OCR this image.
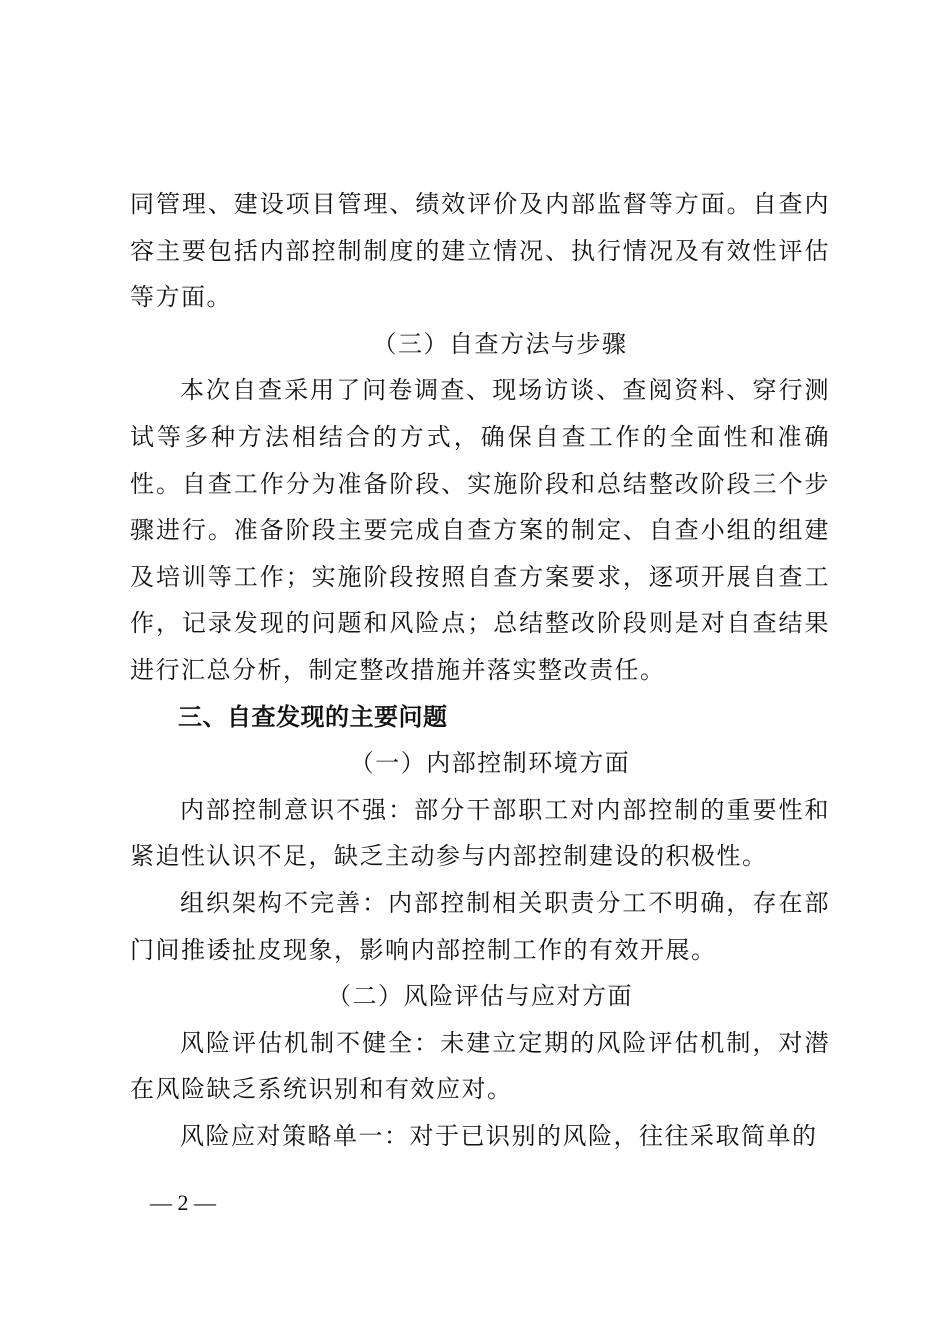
同管理、建设项目管理、绩效评价及内部监督等方面。自查内容主要包括内部控制制度的建立情况、执行情况及有效性评估等方面。

（三）自查方法与步骤

本次自查采用了问卷调查、现场访谈、查阅资料、穿行测试等多种方法相结合的方式，确保自查工作的全面性和准确性。自查工作分为准备阶段、实施阶段和总结整改阶段三个步骤进行。准备阶段主要完成自查方案的制定、自查小组的组建及培训等工作；实施阶段按照自查方案要求，逐项开展自查工作，记录发现的问题和风险点；总结整改阶段则是对自查结果进行汇总分析，制定整改措施并落实整改责任。

三、自查发现的主要问题

（一）内部控制环境方面

内部控制意识不强：部分干部职工对内部控制的重要性和紧迫性认识不足，缺乏主动参与内部控制建设的积极性。

组织架构不完善：内部控制相关职责分工不明确，存在部门间推诿扯皮现象，影响内部控制工作的有效开展。

（二）风险评估与应对方面

风险评估机制不健全：未建立定期的风险评估机制，对潜在风险缺乏系统识别和有效应对。

风险应对策略单一：对于已识别的风险，往往采取简单的

— 2 —
